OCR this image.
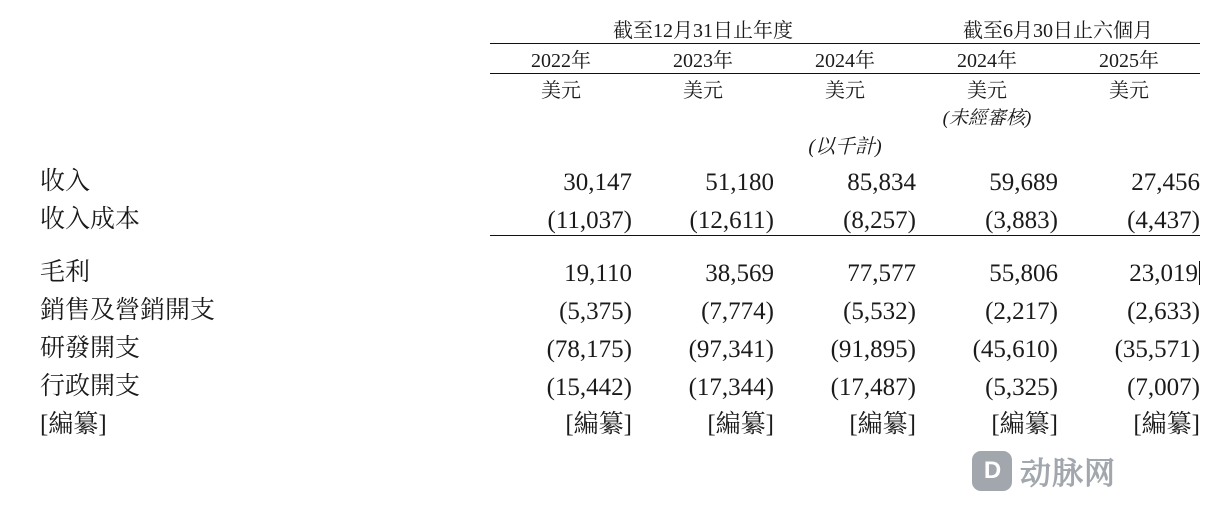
	截至12月31日止年度			截至6月30日止六個月	
	2022年	2023年	2024年	2024年	2025年
	美元	美元	美元	美元	美元
				(未經審核)	
			(以千計)		
收入	30,147	51,180	85,834	59,689	27,456
收入成本	(11,037)	(12,611)	(8,257)	(3,883)	(4,437)

毛利	19,110	38,569	77,577	55,806	23,019
銷售及營銷開支	(5,375)	(7,774)	(5,532)	(2,217)	(2,633)
研發開支	(78,175)	(97,341)	(91,895)	(45,610)	(35,571)
行政開支	(15,442)	(17,344)	(17,487)	(5,325)	(7,007)
[編纂]	[編纂]	[編纂]	[編纂]	[編纂]	[編纂]
D 动脉网
